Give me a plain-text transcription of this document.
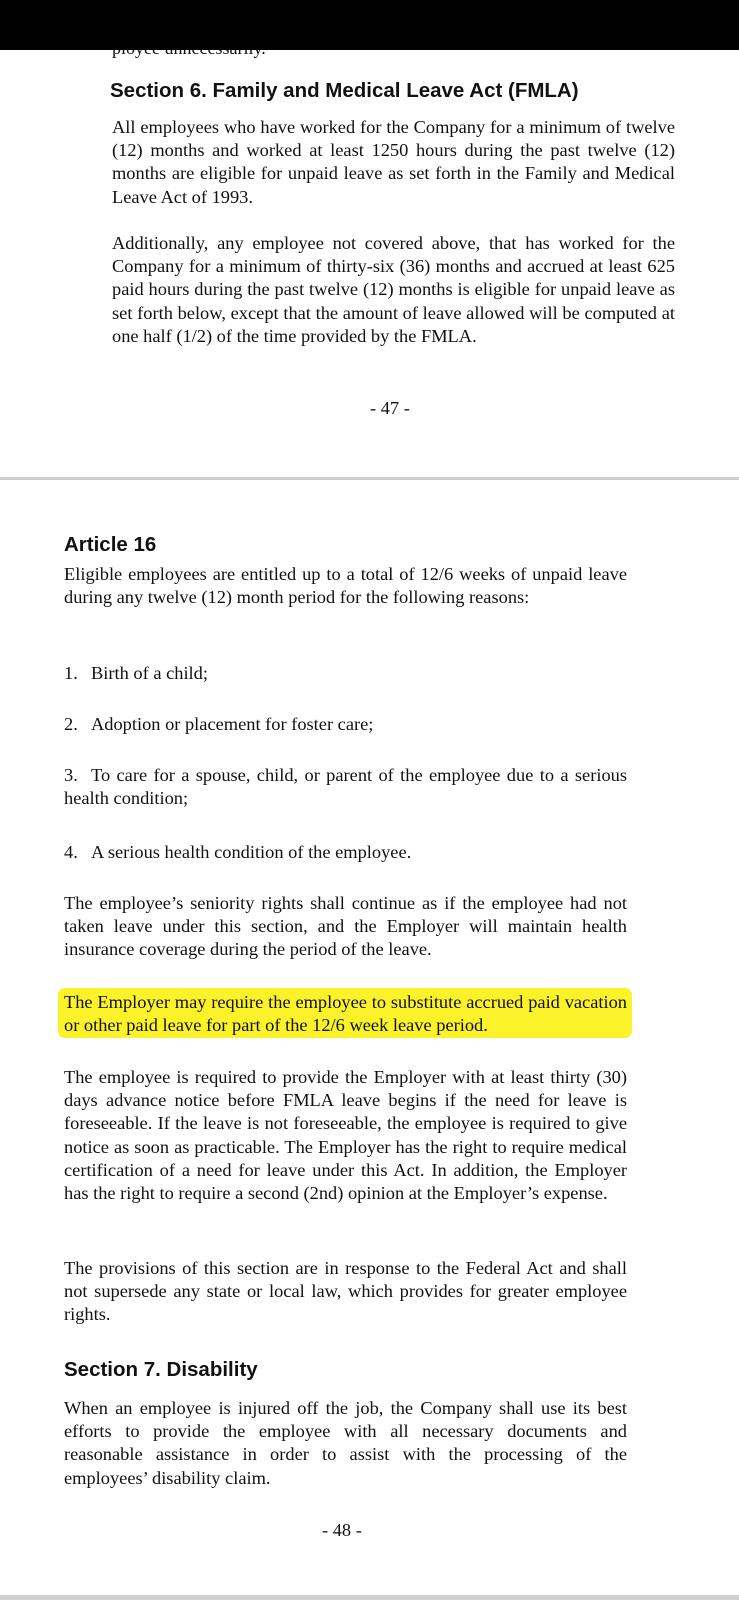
Section 6. Family and Medical Leave Act (FMLA)

All employees who have worked for the Company for a minimum of twelve (12) months and worked at least 1250 hours during the past twelve (12) months are eligible for unpaid leave as set forth in the Family and Medical Leave Act of 1993.

Additionally, any employee not covered above, that has worked for the Company for a minimum of thirty-six (36) months and accrued at least 625 paid hours during the past twelve (12) months is eligible for unpaid leave as set forth below, except that the amount of leave allowed will be computed at one half (1/2) of the time provided by the FMLA.

- 47 -
Article 16

Eligible employees are entitled up to a total of 12/6 weeks of unpaid leave during any twelve (12) month period for the following reasons:

1. Birth of a child;

2. Adoption or placement for foster care;

3. To care for a spouse, child, or parent of the employee due to a serious health condition;

4. A serious health condition of the employee.

The employee’s seniority rights shall continue as if the employee had not taken leave under this section, and the Employer will maintain health insurance coverage during the period of the leave.

The Employer may require the employee to substitute accrued paid vacation or other paid leave for part of the 12/6 week leave period.

The employee is required to provide the Employer with at least thirty (30) days advance notice before FMLA leave begins if the need for leave is foreseeable. If the leave is not foreseeable, the employee is required to give notice as soon as practicable. The Employer has the right to require medical certification of a need for leave under this Act. In addition, the Employer has the right to require a second (2nd) opinion at the Employer’s expense.

The provisions of this section are in response to the Federal Act and shall not supersede any state or local law, which provides for greater employee rights.

Section 7. Disability

When an employee is injured off the job, the Company shall use its best efforts to provide the employee with all necessary documents and reasonable assistance in order to assist with the processing of the employees’ disability claim.

- 48 -
